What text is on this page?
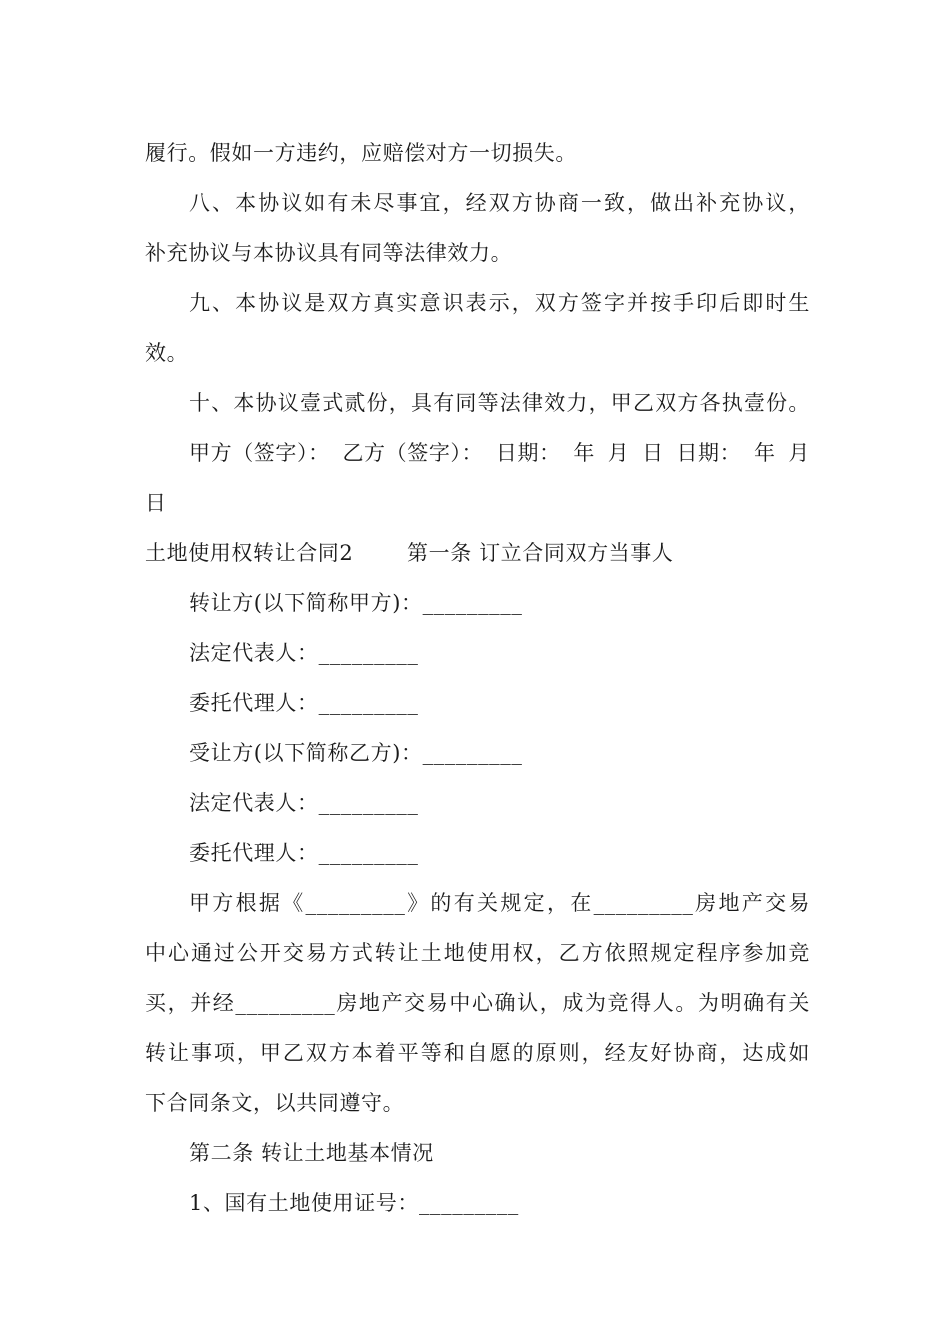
履行。假如一方违约，应赔偿对方一切损失。
八、本协议如有未尽事宜，经双方协商一致，做出补充协议，
补充协议与本协议具有同等法律效力。
九、本协议是双方真实意识表示，双方签字并按手印后即时生
效。
十、本协议壹式贰份，具有同等法律效力，甲乙双方各执壹份。
甲方（签字）： 乙方（签字）： 日期： 年 月 日 日期： 年 月
日
土地使用权转让合同2	第一条 订立合同双方当事人
转让方(以下简称甲方)：_________
法定代表人：_________
委托代理人：_________
受让方(以下简称乙方)：_________
法定代表人：_________
委托代理人：_________
甲方根据《_________》的有关规定，在_________房地产交易
中心通过公开交易方式转让土地使用权，乙方依照规定程序参加竞
买，并经_________房地产交易中心确认，成为竞得人。为明确有关
转让事项，甲乙双方本着平等和自愿的原则，经友好协商，达成如
下合同条文，以共同遵守。
第二条 转让土地基本情况
1、国有土地使用证号：_________
